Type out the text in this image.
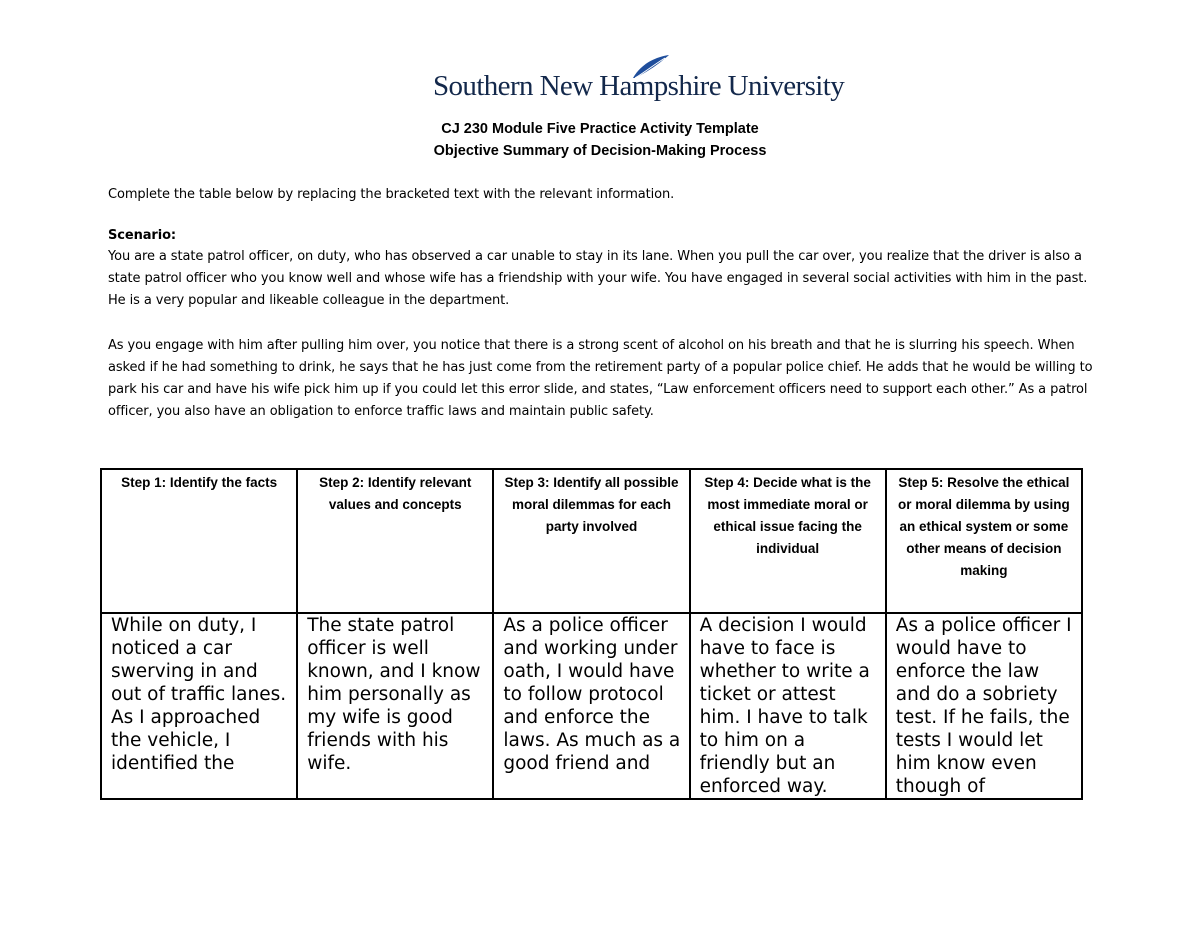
Southern New Hampshire University
CJ 230 Module Five Practice Activity Template
Objective Summary of Decision-Making Process
Complete the table below by replacing the bracketed text with the relevant information.
Scenario:
You are a state patrol officer, on duty, who has observed a car unable to stay in its lane. When you pull the car over, you realize that the driver is also a state patrol officer who you know well and whose wife has a friendship with your wife. You have engaged in several social activities with him in the past. He is a very popular and likeable colleague in the department.
As you engage with him after pulling him over, you notice that there is a strong scent of alcohol on his breath and that he is slurring his speech. When asked if he had something to drink, he says that he has just come from the retirement party of a popular police chief. He adds that he would be willing to park his car and have his wife pick him up if you could let this error slide, and states, “Law enforcement officers need to support each other.” As a patrol officer, you also have an obligation to enforce traffic laws and maintain public safety.
Step 1: Identify the facts	Step 2: Identify relevant values and concepts	Step 3: Identify all possible moral dilemmas for each party involved	Step 4: Decide what is the most immediate moral or ethical issue facing the individual	Step 5: Resolve the ethical or moral dilemma by using an ethical system or some other means of decision making

While on duty, I noticed a car swerving in and out of traffic lanes. As I approached the vehicle, I identified the	The state patrol officer is well known, and I know him personally as my wife is good friends with his wife.	As a police officer and working under oath, I would have to follow protocol and enforce the laws. As much as a good friend and	A decision I would have to face is whether to write a ticket or attest him. I have to talk to him on a friendly but an enforced way.	As a police officer I would have to enforce the law and do a sobriety test. If he fails, the tests I would let him know even though of
